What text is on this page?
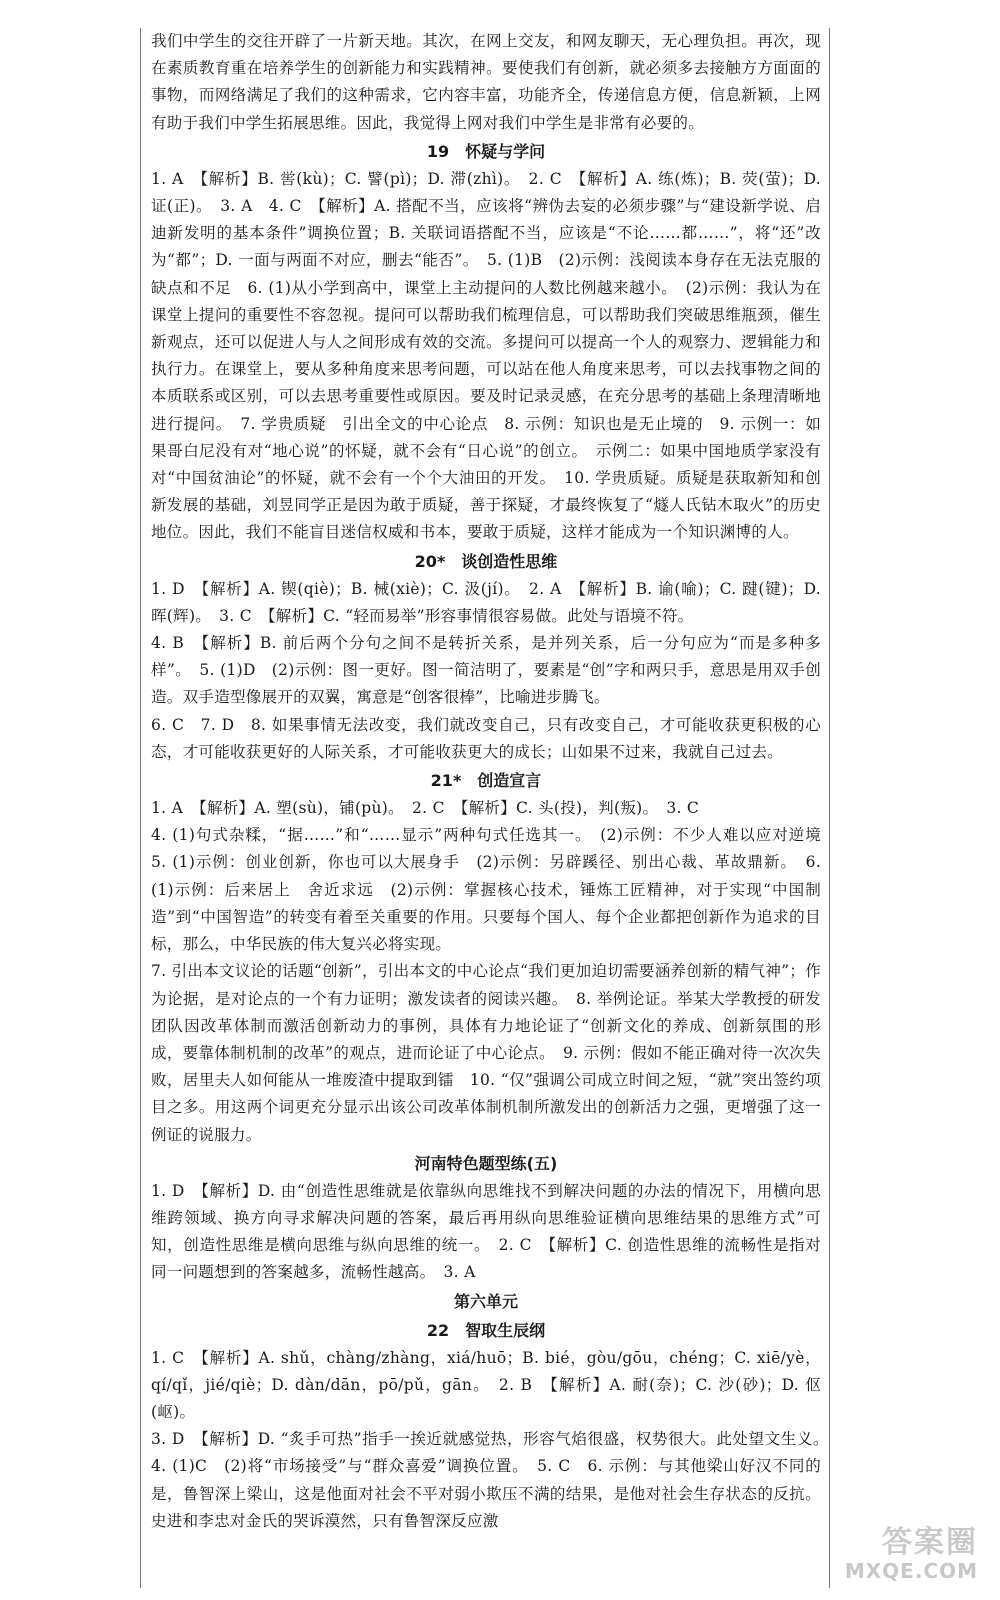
我们中学生的交往开辟了一片新天地。其次，在网上交友，和网友聊天，无心理负担。再次，现在素质教育重在培养学生的创新能力和实践精神。要使我们有创新，就必须多去接触方方面面的事物，而网络满足了我们的这种需求，它内容丰富，功能齐全，传递信息方便，信息新颖，上网有助于我们中学生拓展思维。因此，我觉得上网对我们中学生是非常有必要的。

19　怀疑与学问

1. A　【解析】B. 喾(kù)；C. 譬(pì)；D. 滞(zhì)。　2. C　【解析】A. 练(炼)；B. 荧(萤)；D. 证(正)。　3. A　4. C　【解析】A. 搭配不当，应该将“辨伪去妄的必须步骤”与“建设新学说、启迪新发明的基本条件”调换位置；B. 关联词语搭配不当，应该是“不论……都……”，将“还”改为“都”；D. 一面与两面不对应，删去“能否”。　5. (1)B　(2)示例：浅阅读本身存在无法克服的缺点和不足　6. (1)从小学到高中，课堂上主动提问的人数比例越来越小。　(2)示例：我认为在课堂上提问的重要性不容忽视。提问可以帮助我们梳理信息，可以帮助我们突破思维瓶颈，催生新观点，还可以促进人与人之间形成有效的交流。多提问可以提高一个人的观察力、逻辑能力和执行力。在课堂上，要从多种角度来思考问题，可以站在他人角度来思考，可以去找事物之间的本质联系或区别，可以去思考重要性或原因。要及时记录灵感，在充分思考的基础上条理清晰地进行提问。　7. 学贵质疑　引出全文的中心论点　8. 示例：知识也是无止境的　9. 示例一：如果哥白尼没有对“地心说”的怀疑，就不会有“日心说”的创立。　示例二：如果中国地质学家没有对“中国贫油论”的怀疑，就不会有一个个大油田的开发。　10. 学贵质疑。质疑是获取新知和创新发展的基础，刘昱同学正是因为敢于质疑，善于探疑，才最终恢复了“燧人氏钻木取火”的历史地位。因此，我们不能盲目迷信权威和书本，要敢于质疑，这样才能成为一个知识渊博的人。

20*　谈创造性思维

1. D　【解析】A. 锲(qiè)；B. 械(xiè)；C. 汲(jí)。　2. A　【解析】B. 谕(喻)；C. 踺(键)；D. 晖(辉)。　3. C　【解析】C. “轻而易举”形容事情很容易做。此处与语境不符。

4. B　【解析】B. 前后两个分句之间不是转折关系，是并列关系，后一分句应为“而是多种多样”。　5. (1)D　(2)示例：图一更好。图一简洁明了，要素是“创”字和两只手，意思是用双手创造。双手造型像展开的双翼，寓意是“创客很棒”，比喻进步腾飞。

6. C　7. D　8. 如果事情无法改变，我们就改变自己，只有改变自己，才可能收获更积极的心态，才可能收获更好的人际关系，才可能收获更大的成长；山如果不过来，我就自己过去。

21*　创造宣言

1. A　【解析】A. 塑(sù)，铺(pù)。　2. C　【解析】C. 头(投)，判(叛)。　3. C

4. (1)句式杂糅，“据……”和“……显示”两种句式任选其一。　(2)示例：不少人难以应对逆境　5. (1)示例：创业创新，你也可以大展身手　(2)示例：另辟蹊径、别出心裁、革故鼎新。　6. (1)示例：后来居上　舍近求远　(2)示例：掌握核心技术，锤炼工匠精神，对于实现“中国制造”到“中国智造”的转变有着至关重要的作用。只要每个国人、每个企业都把创新作为追求的目标，那么，中华民族的伟大复兴必将实现。

7. 引出本文议论的话题“创新”，引出本文的中心论点“我们更加迫切需要涵养创新的精气神”；作为论据，是对论点的一个有力证明；激发读者的阅读兴趣。　8. 举例论证。举某大学教授的研发团队因改革体制而激活创新动力的事例，具体有力地论证了“创新文化的养成、创新氛围的形成，要靠体制机制的改革”的观点，进而论证了中心论点。　9. 示例：假如不能正确对待一次次失败，居里夫人如何能从一堆废渣中提取到镭　10. “仅”强调公司成立时间之短，“就”突出签约项目之多。用这两个词更充分显示出该公司改革体制机制所激发出的创新活力之强，更增强了这一例证的说服力。

河南特色题型练(五)

1. D　【解析】D. 由“创造性思维就是依靠纵向思维找不到解决问题的办法的情况下，用横向思维跨领域、换方向寻求解决问题的答案，最后再用纵向思维验证横向思维结果的思维方式”可知，创造性思维是横向思维与纵向思维的统一。　2. C　【解析】C. 创造性思维的流畅性是指对同一问题想到的答案越多，流畅性越高。　3. A

第六单元

22　智取生辰纲

1. C　【解析】A. shǔ，chàng/zhàng，xiá/huō；B. bié，gòu/gōu，chéng；C. xiē/yè，qí/qǐ，jié/qiè；D. dàn/dān，pō/pǔ，gān。　2. B　【解析】A. 耐(奈)；C. 沙(砂)；D. 伛(岖)。

3. D　【解析】D. “炙手可热”指手一挨近就感觉热，形容气焰很盛，权势很大。此处望文生义。　4. (1)C　(2)将“市场接受”与“群众喜爱”调换位置。　5. C　6. 示例：与其他梁山好汉不同的是，鲁智深上梁山，这是他面对社会不平对弱小欺压不满的结果，是他对社会生存状态的反抗。史进和李忠对金氏的哭诉漠然，只有鲁智深反应激

答案圈
MXQE.COM
